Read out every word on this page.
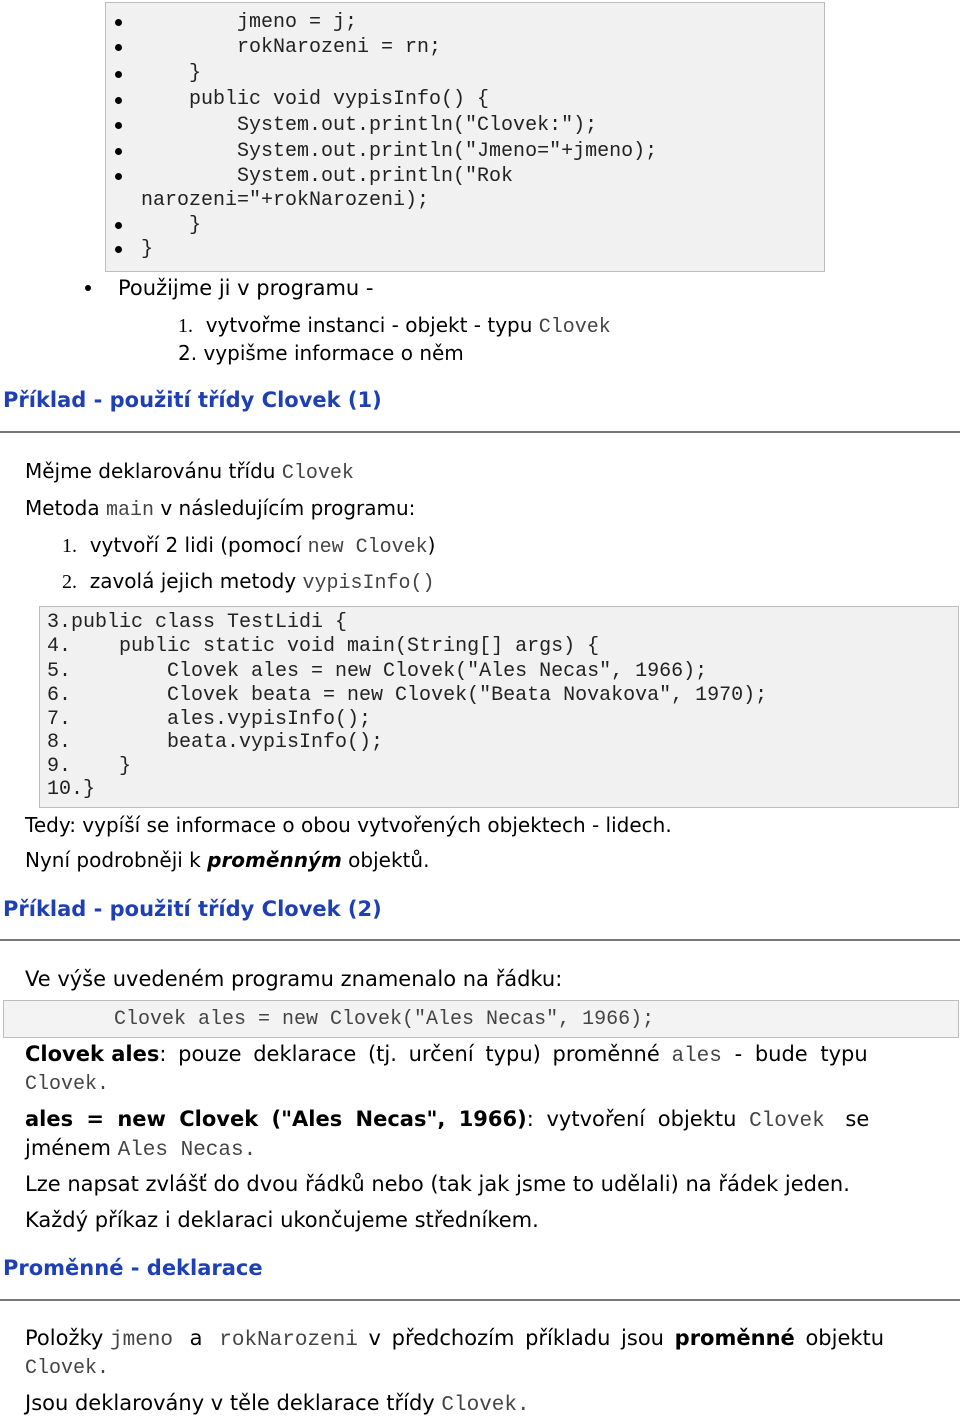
jmeno = j;
rokNarozeni = rn;
}
public void vypisInfo() {
System.out.println("Clovek:");
System.out.println("Jmeno="+jmeno);
System.out.println("Rok
narozeni="+rokNarozeni);
}
}
Použijme ji v programu -
1. vytvořme instanci - objekt - typu Clovek
2. vypišme informace o něm
Příklad - použití třídy Clovek (1)
Mějme deklarovánu třídu Clovek
Metoda main v následujícím programu:
1. vytvoří 2 lidi (pomocí new Clovek)
2. zavolá jejich metody vypisInfo()
3.public class TestLidi {
4.    public static void main(String[] args) {
5.        Clovek ales = new Clovek("Ales Necas", 1966);
6.        Clovek beata = new Clovek("Beata Novakova", 1970);
7.        ales.vypisInfo();
8.        beata.vypisInfo();
9.    }
10.}
Tedy: vypíší se informace o obou vytvořených objektech - lidech.
Nyní podrobněji k proměnným objektů.
Příklad - použití třídy Clovek (2)
Ve výše uvedeném programu znamenalo na řádku:
Clovek ales = new Clovek("Ales Necas", 1966);
Clovek ales: pouze deklarace (tj. určení typu) proměnné ales - bude typu
Clovek.
ales = new Clovek ("Ales Necas", 1966): vytvoření objektu Clovek se
jménem Ales Necas.
Lze napsat zvlášť do dvou řádků nebo (tak jak jsme to udělali) na řádek jeden.
Každý příkaz i deklaraci ukončujeme středníkem.
Proměnné - deklarace
Položky jmeno a rokNarozeni v předchozím příkladu jsou proměnné objektu
Clovek.
Jsou deklarovány v těle deklarace třídy Clovek.
